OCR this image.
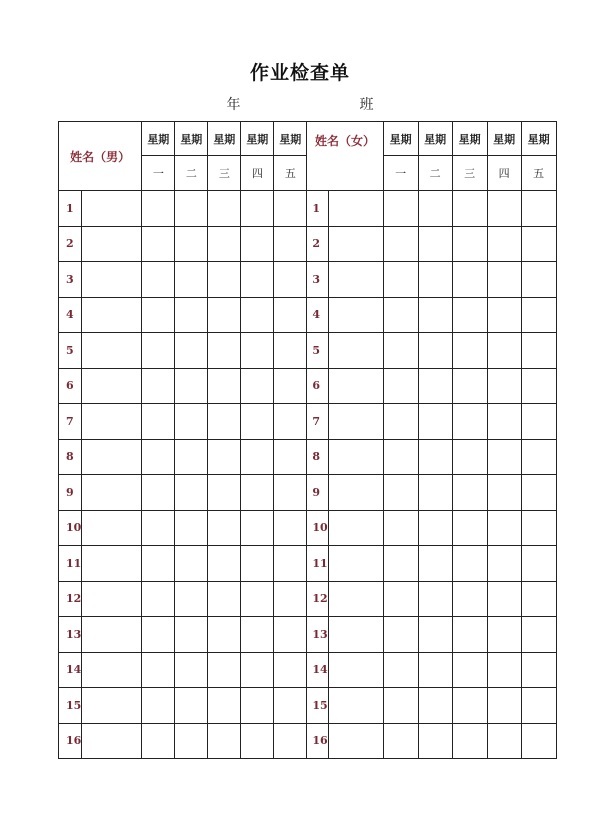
作业检查单
年	班
姓名（男）		星期	星期	星期	星期	星期	姓名（女）		星期	星期	星期	星期	星期
		一	二	三	四	五			一	二	三	四	五
1							1						
2							2						
3							3						
4							4						
5							5						
6							6						
7							7						
8							8						
9							9						
10							10						
11							11						
12							12						
13							13						
14							14						
15							15						
16							16						
